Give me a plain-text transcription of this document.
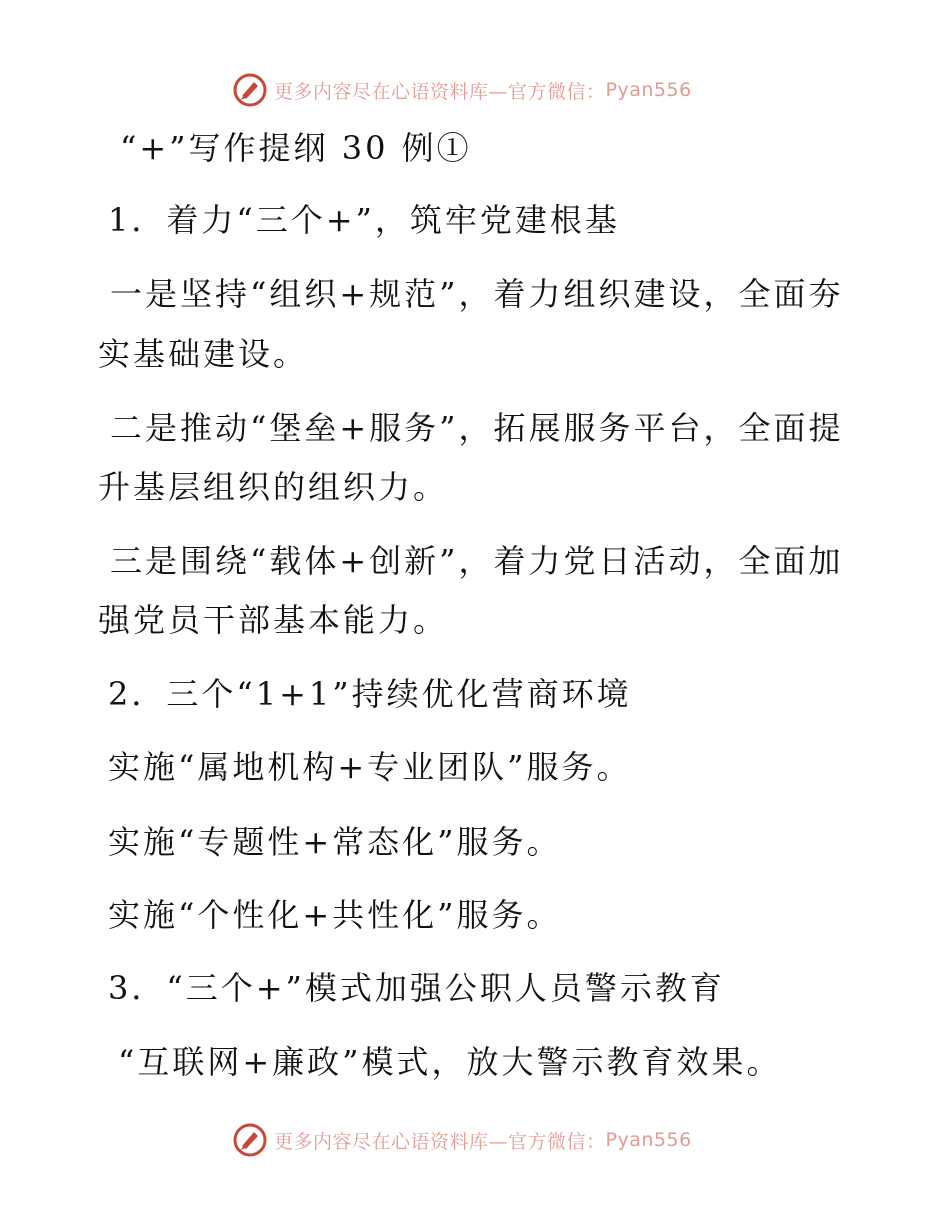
更多内容尽在心语资料库—官方微信： Pyan556
“+”写作提纲 30 例①
1．着力“三个+”，筑牢党建根基
一是坚持“组织+规范”，着力组织建设，全面夯
实基础建设。
二是推动“堡垒+服务”，拓展服务平台，全面提
升基层组织的组织力。
三是围绕“载体+创新”，着力党日活动，全面加
强党员干部基本能力。
2．三个“1+1”持续优化营商环境
实施“属地机构+专业团队”服务。
实施“专题性+常态化”服务。
实施“个性化+共性化”服务。
3．“三个+”模式加强公职人员警示教育
“互联网+廉政”模式，放大警示教育效果。
更多内容尽在心语资料库—官方微信： Pyan556
